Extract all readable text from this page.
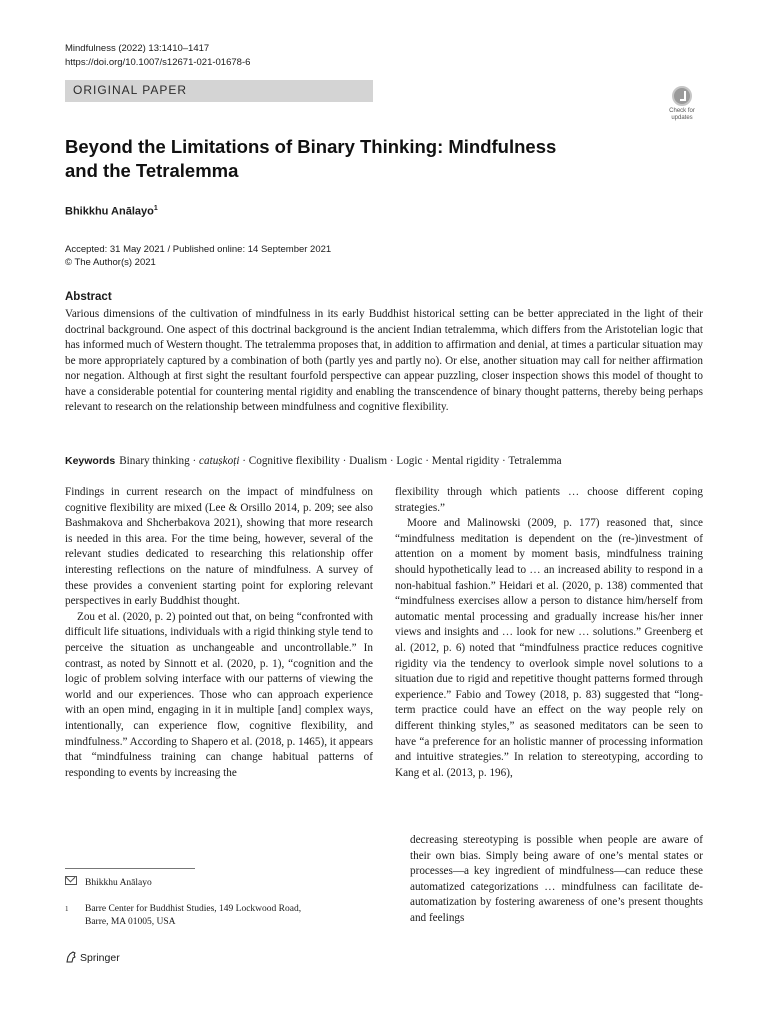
Mindfulness (2022) 13:1410–1417
https://doi.org/10.1007/s12671-021-01678-6
ORIGINAL PAPER
Check for
updates
Beyond the Limitations of Binary Thinking: Mindfulness and the Tetralemma
Bhikkhu Anālayo$^1$
Accepted: 31 May 2021 / Published online: 14 September 2021
© The Author(s) 2021
Abstract
Various dimensions of the cultivation of mindfulness in its early Buddhist historical setting can be better appreciated in the light of their doctrinal background. One aspect of this doctrinal background is the ancient Indian tetralemma, which differs from the Aristotelian logic that has informed much of Western thought. The tetralemma proposes that, in addition to affirmation and denial, at times a particular situation may be more appropriately captured by a combination of both (partly yes and partly no). Or else, another situation may call for neither affirmation nor negation. Although at first sight the resultant fourfold perspective can appear puzzling, closer inspection shows this model of thought to have a considerable potential for countering mental rigidity and enabling the transcendence of binary thought patterns, thereby being perhaps relevant to research on the relationship between mindfulness and cognitive flexibility.
Keywords Binary thinking · catuṣkoṭi · Cognitive flexibility · Dualism · Logic · Mental rigidity · Tetralemma

Findings in current research on the impact of mindfulness on cognitive flexibility are mixed (Lee & Orsillo 2014, p. 209; see also Bashmakova and Shcherbakova 2021), showing that more research is needed in this area. For the time being, however, several of the relevant studies dedicated to researching this relationship offer interesting reflections on the nature of mindfulness. A survey of these provides a convenient starting point for exploring relevant perspectives in early Buddhist thought.

Zou et al. (2020, p. 2) pointed out that, on being “confronted with difficult life situations, individuals with a rigid thinking style tend to perceive the situation as unchangeable and uncontrollable.” In contrast, as noted by Sinnott et al. (2020, p. 1), “cognition and the logic of problem solving interface with our patterns of viewing the world and our experiences. Those who can approach experience with an open mind, engaging in it in multiple [and] complex ways, intentionally, can experience flow, cognitive flexibility, and mindfulness.” According to Shapero et al. (2018, p. 1465), it appears that “mindfulness training can change habitual patterns of responding to events by increasing the

flexibility through which patients … choose different coping strategies.”

Moore and Malinowski (2009, p. 177) reasoned that, since “mindfulness meditation is dependent on the (re-)investment of attention on a moment by moment basis, mindfulness training should hypothetically lead to … an increased ability to respond in a non-habitual fashion.” Heidari et al. (2020, p. 138) commented that “mindfulness exercises allow a person to distance him/herself from automatic mental processing and gradually increase his/her inner views and insights and … look for new … solutions.” Greenberg et al. (2012, p. 6) noted that “mindfulness practice reduces cognitive rigidity via the tendency to overlook simple novel solutions to a situation due to rigid and repetitive thought patterns formed through experience.” Fabio and Towey (2018, p. 83) suggested that “long-term practice could have an effect on the way people rely on different thinking styles,” as seasoned meditators can be seen to have “a preference for an holistic manner of processing information and intuitive strategies.” In relation to stereotyping, according to Kang et al. (2013, p. 196),

decreasing stereotyping is possible when people are aware of their own bias. Simply being aware of one’s mental states or processes—a key ingredient of mindfulness—can reduce these automatized categorizations … mindfulness can facilitate de-automatization by fostering awareness of one’s present thoughts and feelings
Bhikkhu Anālayo
1 Barre Center for Buddhist Studies, 149 Lockwood Road,
Barre, MA 01005, USA
Springer
